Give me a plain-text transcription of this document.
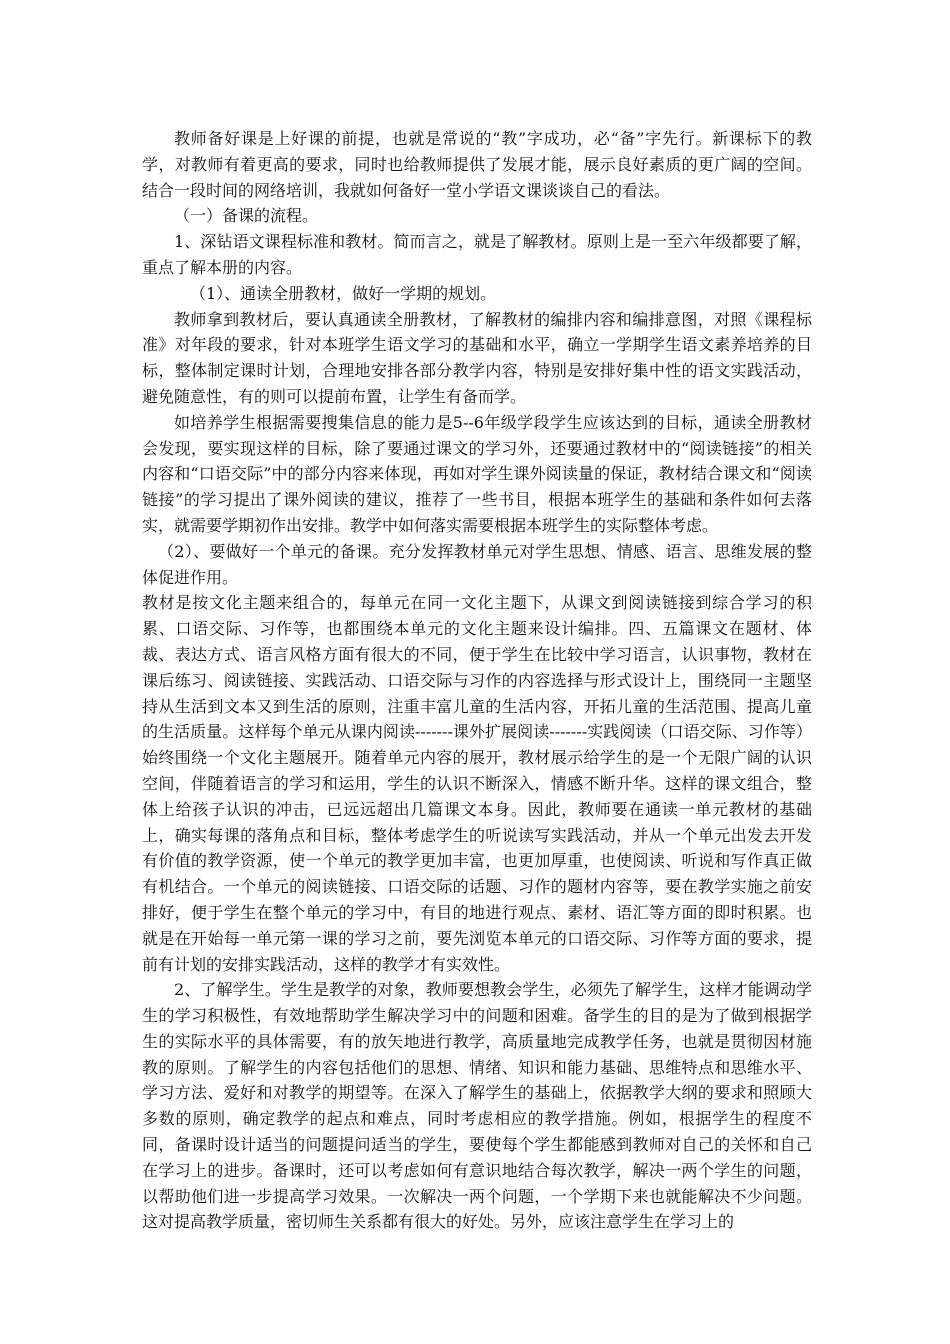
教师备好课是上好课的前提，也就是常说的“教”字成功，必“备”字先行。新课标下的教学，对教师有着更高的要求，同时也给教师提供了发展才能，展示良好素质的更广阔的空间。结合一段时间的网络培训，我就如何备好一堂小学语文课谈谈自己的看法。

（一）备课的流程。

1、深钻语文课程标准和教材。简而言之，就是了解教材。原则上是一至六年级都要了解，重点了解本册的内容。

（1）、通读全册教材，做好一学期的规划。

教师拿到教材后，要认真通读全册教材，了解教材的编排内容和编排意图，对照《课程标准》对年段的要求，针对本班学生语文学习的基础和水平，确立一学期学生语文素养培养的目标，整体制定课时计划，合理地安排各部分教学内容，特别是安排好集中性的语文实践活动，避免随意性，有的则可以提前布置，让学生有备而学。

如培养学生根据需要搜集信息的能力是5--6年级学段学生应该达到的目标，通读全册教材会发现，要实现这样的目标，除了要通过课文的学习外，还要通过教材中的“阅读链接”的相关内容和“口语交际”中的部分内容来体现，再如对学生课外阅读量的保证，教材结合课文和“阅读链接”的学习提出了课外阅读的建议，推荐了一些书目，根据本班学生的基础和条件如何去落实，就需要学期初作出安排。教学中如何落实需要根据本班学生的实际整体考虑。

（2）、要做好一个单元的备课。充分发挥教材单元对学生思想、情感、语言、思维发展的整体促进作用。

教材是按文化主题来组合的，每单元在同一文化主题下，从课文到阅读链接到综合学习的积累、口语交际、习作等，也都围绕本单元的文化主题来设计编排。四、五篇课文在题材、体裁、表达方式、语言风格方面有很大的不同，便于学生在比较中学习语言，认识事物，教材在课后练习、阅读链接、实践活动、口语交际与习作的内容选择与形式设计上，围绕同一主题坚持从生活到文本又到生活的原则，注重丰富儿童的生活内容，开拓儿童的生活范围、提高儿童的生活质量。这样每个单元从课内阅读-------课外扩展阅读-------实践阅读（口语交际、习作等）始终围绕一个文化主题展开。随着单元内容的展开，教材展示给学生的是一个无限广阔的认识空间，伴随着语言的学习和运用，学生的认识不断深入，情感不断升华。这样的课文组合，整体上给孩子认识的冲击，已远远超出几篇课文本身。因此，教师要在通读一单元教材的基础上，确实每课的落角点和目标，整体考虑学生的听说读写实践活动，并从一个单元出发去开发有价值的教学资源，使一个单元的教学更加丰富，也更加厚重，也使阅读、听说和写作真正做有机结合。一个单元的阅读链接、口语交际的话题、习作的题材内容等，要在教学实施之前安排好，便于学生在整个单元的学习中，有目的地进行观点、素材、语汇等方面的即时积累。也就是在开始每一单元第一课的学习之前，要先浏览本单元的口语交际、习作等方面的要求，提前有计划的安排实践活动，这样的教学才有实效性。

2、了解学生。学生是教学的对象，教师要想教会学生，必须先了解学生，这样才能调动学生的学习积极性，有效地帮助学生解决学习中的问题和困难。备学生的目的是为了做到根据学生的实际水平的具体需要，有的放矢地进行教学，高质量地完成教学任务，也就是贯彻因材施教的原则。了解学生的内容包括他们的思想、情绪、知识和能力基础、思维特点和思维水平、学习方法、爱好和对教学的期望等。在深入了解学生的基础上，依据教学大纲的要求和照顾大多数的原则，确定教学的起点和难点，同时考虑相应的教学措施。例如，根据学生的程度不同，备课时设计适当的问题提问适当的学生，要使每个学生都能感到教师对自己的关怀和自己在学习上的进步。备课时，还可以考虑如何有意识地结合每次教学，解决一两个学生的问题，以帮助他们进一步提高学习效果。一次解决一两个问题，一个学期下来也就能解决不少问题。这对提高教学质量，密切师生关系都有很大的好处。另外，应该注意学生在学习上的
